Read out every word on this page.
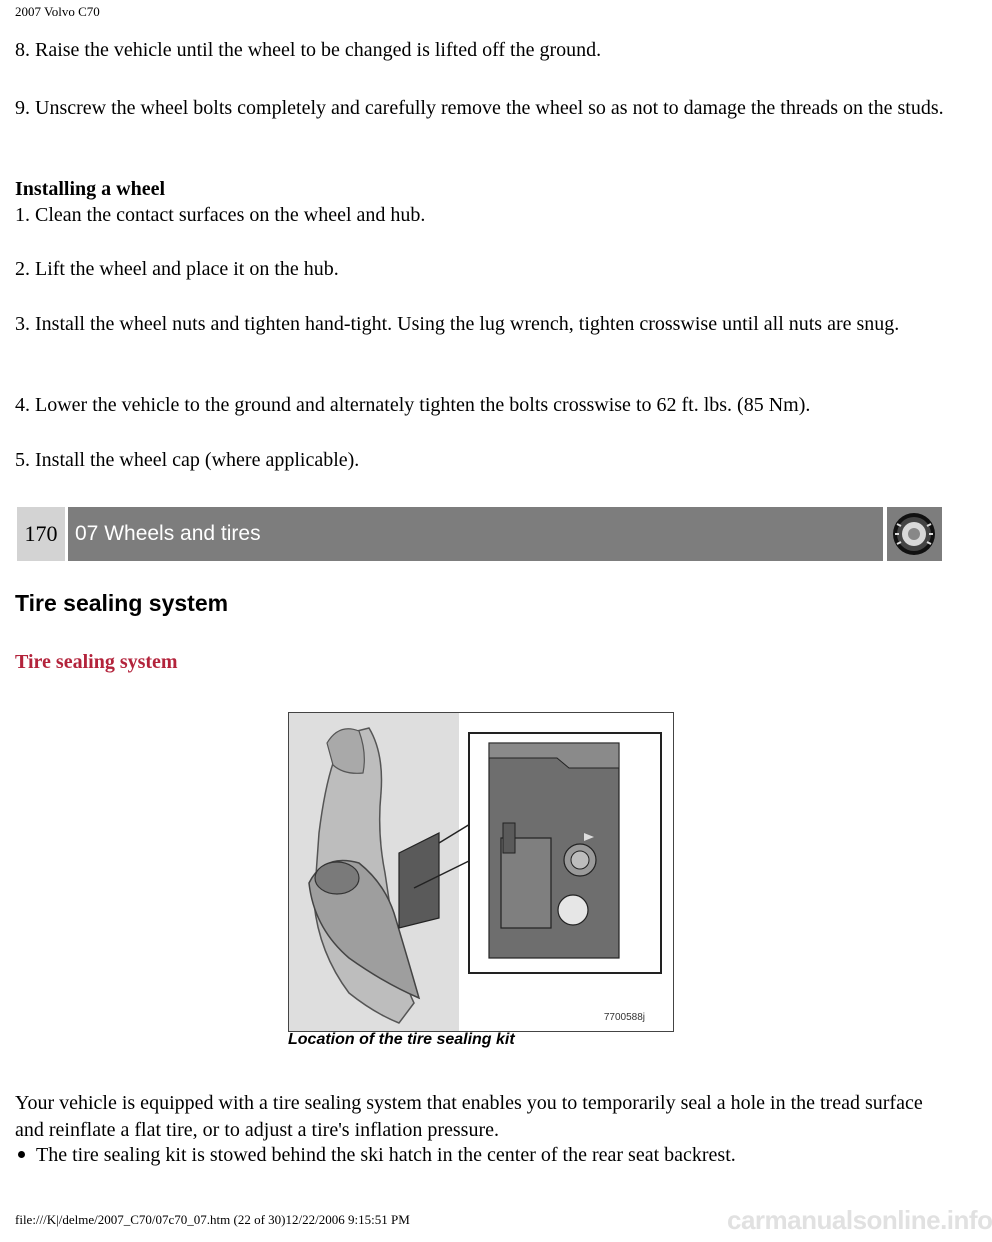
2007 Volvo C70
8. Raise the vehicle until the wheel to be changed is lifted off the ground.
9. Unscrew the wheel bolts completely and carefully remove the wheel so as not to damage the threads on the studs.
Installing a wheel
1. Clean the contact surfaces on the wheel and hub.
2. Lift the wheel and place it on the hub.
3. Install the wheel nuts and tighten hand-tight. Using the lug wrench, tighten crosswise until all nuts are snug.
4. Lower the vehicle to the ground and alternately tighten the bolts crosswise to 62 ft. lbs. (85 Nm).
5. Install the wheel cap (where applicable).
170 07 Wheels and tires
Tire sealing system
Tire sealing system
7700588j
Location of the tire sealing kit
Your vehicle is equipped with a tire sealing system that enables you to temporarily seal a hole in the tread surface and reinflate a flat tire, or to adjust a tire's inflation pressure.
The tire sealing kit is stowed behind the ski hatch in the center of the rear seat backrest.
file:///K|/delme/2007_C70/07c70_07.htm (22 of 30)12/22/2006 9:15:51 PM	carmanualsonline.info
